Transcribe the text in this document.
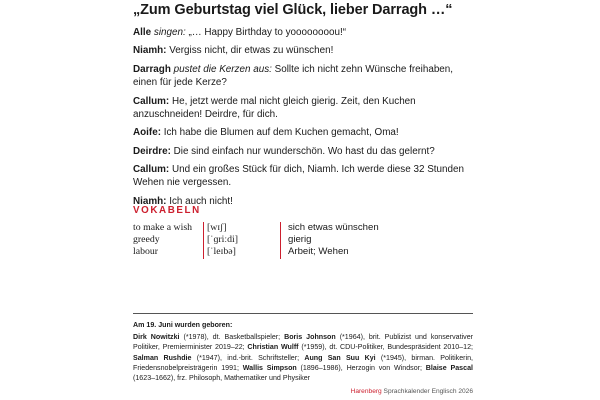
„Zum Geburtstag viel Glück, lieber Darragh …“

Alle singen: „… Happy Birthday to yoooooooou!“

Niamh: Vergiss nicht, dir etwas zu wünschen!

Darragh pustet die Kerzen aus: Sollte ich nicht zehn Wünsche freihaben, einen für jede Kerze?

Callum: He, jetzt werde mal nicht gleich gierig. Zeit, den Kuchen anzuschneiden! Deirdre, für dich.

Aoife: Ich habe die Blumen auf dem Kuchen gemacht, Oma!

Deirdre: Die sind einfach nur wunderschön. Wo hast du das gelernt?

Callum: Und ein großes Stück für dich, Niamh. Ich werde diese 32 Stunden Wehen nie vergessen.

Niamh: Ich auch nicht!

VOKABELN
to make a wish	[wɪʃ]	sich etwas wünschen
greedy	[ˈɡriːdi]	gierig
labour	[ˈleɪbə]	Arbeit; Wehen
Am 19. Juni wurden geboren:
Dirk Nowitzki (*1978), dt. Basketballspieler; Boris Johnson (*1964), brit. Publizist und konservativer Politiker, Premierminister 2019–22; Christian Wulff (*1959), dt. CDU-Politiker, Bundespräsident 2010–12; Salman Rushdie (*1947), ind.-brit. Schriftsteller; Aung San Suu Kyi (*1945), birman. Politikerin, Friedensnobelpreisträgerin 1991; Wallis Simpson (1896–1986), Herzogin von Windsor; Blaise Pascal (1623–1662), frz. Philosoph, Mathematiker und Physiker
Harenberg Sprachkalender Englisch 2026
